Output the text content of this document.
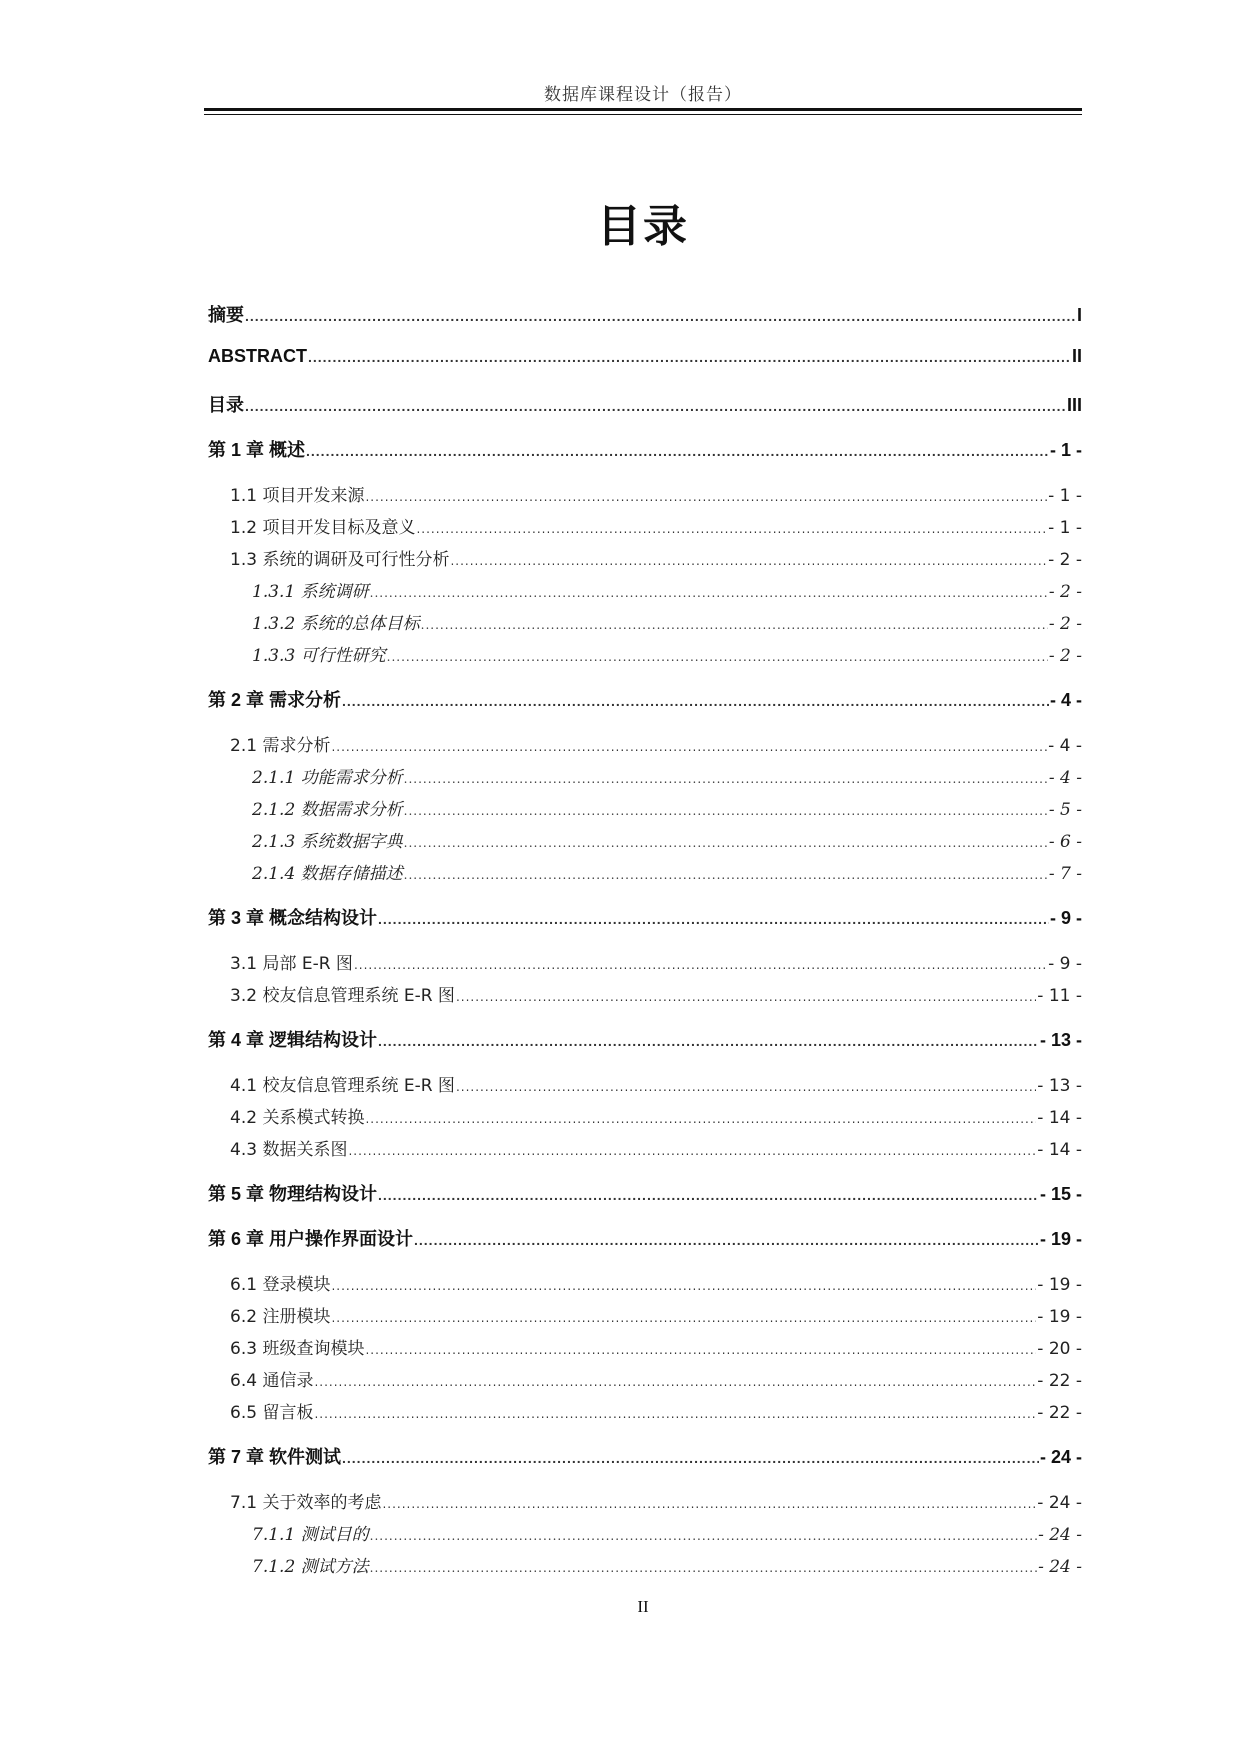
数据库课程设计（报告）
目录
摘要 .....	I
ABSTRACT .....	II
目录 .....	III
第 1 章 概述 .....	- 1 -
1.1 项目开发来源 .....	- 1 -
1.2 项目开发目标及意义 .....	- 1 -
1.3 系统的调研及可行性分析 .....	- 2 -
1.3.1 系统调研 .....	- 2 -
1.3.2 系统的总体目标 .....	- 2 -
1.3.3 可行性研究 .....	- 2 -
第 2 章 需求分析 .....	- 4 -
2.1 需求分析 .....	- 4 -
2.1.1 功能需求分析 .....	- 4 -
2.1.2 数据需求分析 .....	- 5 -
2.1.3 系统数据字典 .....	- 6 -
2.1.4 数据存储描述 .....	- 7 -
第 3 章 概念结构设计 .....	- 9 -
3.1 局部 E-R 图 .....	- 9 -
3.2 校友信息管理系统 E-R 图 .....	- 11 -
第 4 章 逻辑结构设计 .....	- 13 -
4.1 校友信息管理系统 E-R 图 .....	- 13 -
4.2 关系模式转换 .....	- 14 -
4.3 数据关系图 .....	- 14 -
第 5 章 物理结构设计 .....	- 15 -
第 6 章 用户操作界面设计 .....	- 19 -
6.1 登录模块 .....	- 19 -
6.2 注册模块 .....	- 19 -
6.3 班级查询模块 .....	- 20 -
6.4 通信录 .....	- 22 -
6.5 留言板 .....	- 22 -
第 7 章 软件测试 .....	- 24 -
7.1 关于效率的考虑 .....	- 24 -
7.1.1 测试目的 .....	- 24 -
7.1.2 测试方法 .....	- 24 -
II
